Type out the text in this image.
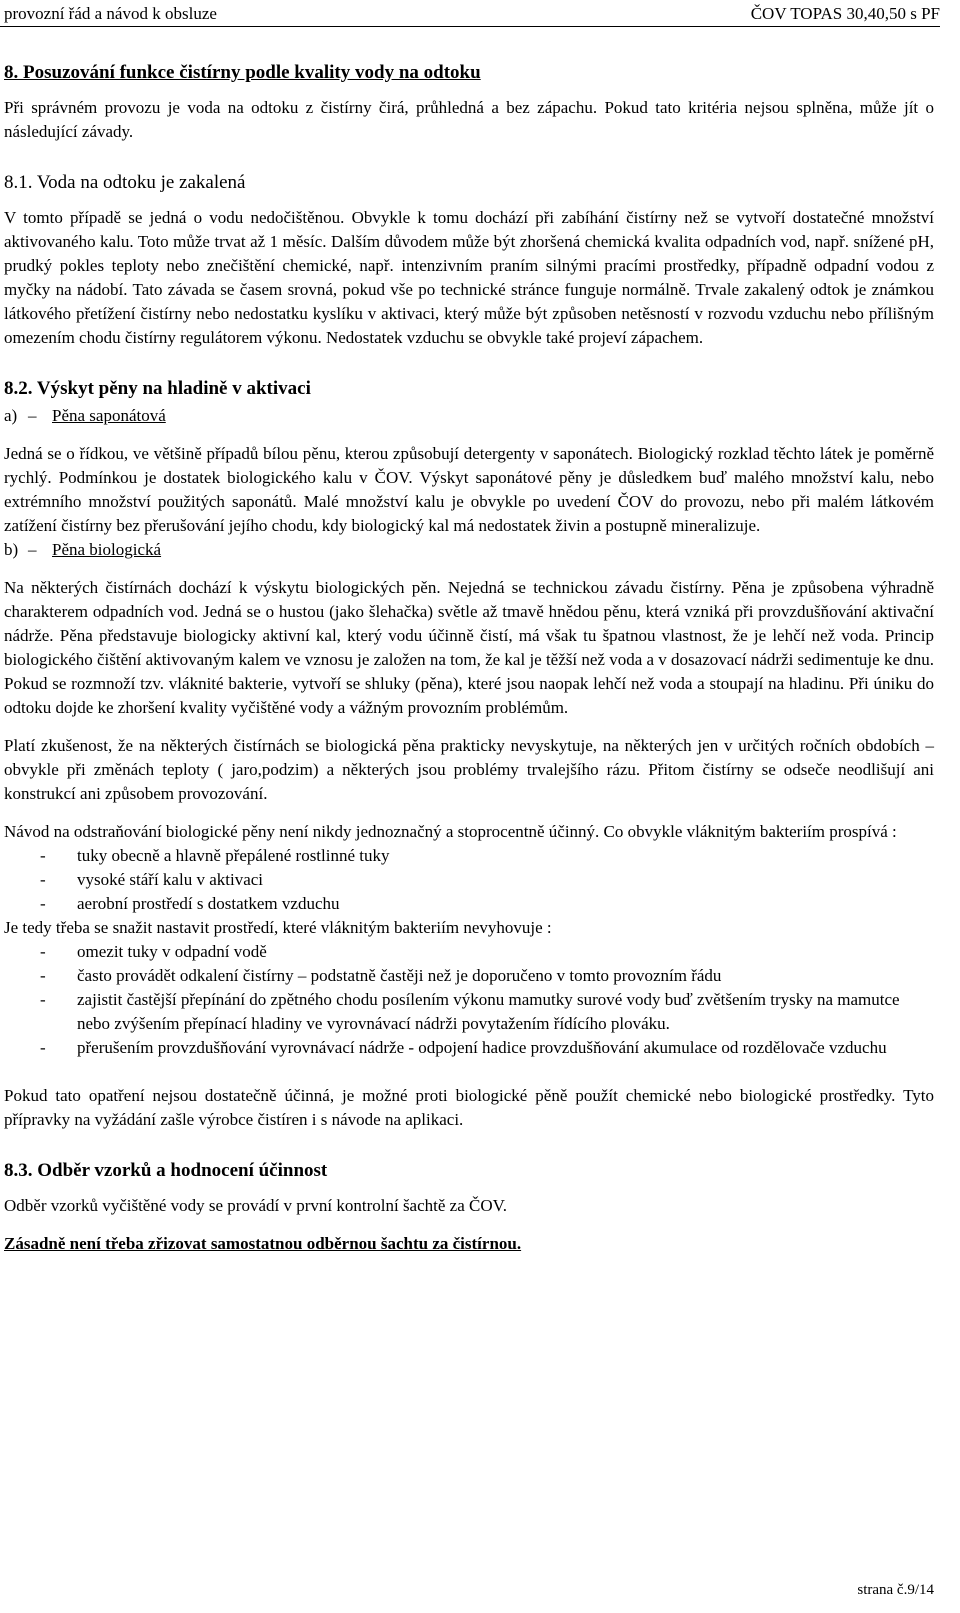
provozní řád a návod k obsluze	ČOV TOPAS 30,40,50 s PF
8. Posuzování funkce čistírny podle kvality vody na odtoku

Při správném provozu je voda na odtoku z čistírny čirá, průhledná a bez zápachu. Pokud tato kritéria nejsou splněna, může jít o následující závady.

8.1. Voda na odtoku je zakalená

V tomto případě se jedná o vodu nedočištěnou. Obvykle k tomu dochází při zabíhání čistírny než se vytvoří dostatečné množství aktivovaného kalu. Toto může trvat až 1 měsíc. Dalším důvodem může být zhoršená chemická kvalita odpadních vod, např. snížené pH, prudký pokles teploty nebo znečištění chemické, např. intenzivním praním silnými pracími prostředky, případně odpadní vodou z myčky na nádobí. Tato závada se časem srovná, pokud vše po technické stránce funguje normálně. Trvale zakalený odtok je známkou látkového přetížení čistírny nebo nedostatku kyslíku v aktivaci, který může být způsoben netěsností v rozvodu vzduchu nebo přílišným omezením chodu čistírny regulátorem výkonu. Nedostatek vzduchu se obvykle také projeví zápachem.

8.2. Výskyt pěny na hladině v aktivaci
a) – Pěna saponátová

Jedná se o řídkou, ve většině případů bílou pěnu, kterou způsobují detergenty v saponátech. Biologický rozklad těchto látek je poměrně rychlý. Podmínkou je dostatek biologického kalu v ČOV. Výskyt saponátové pěny je důsledkem buď malého množství kalu, nebo extrémního množství použitých saponátů. Malé množství kalu je obvykle po uvedení ČOV do provozu, nebo při malém látkovém zatížení čistírny bez přerušování jejího chodu, kdy biologický kal má nedostatek živin a postupně mineralizuje.

b) – Pěna biologická

Na některých čistírnách dochází k výskytu biologických pěn. Nejedná se technickou závadu čistírny. Pěna je způsobena výhradně charakterem odpadních vod. Jedná se o hustou (jako šlehačka) světle až tmavě hnědou pěnu, která vzniká při provzdušňování aktivační nádrže. Pěna představuje biologicky aktivní kal, který vodu účinně čistí, má však tu špatnou vlastnost, že je lehčí než voda. Princip biologického čištění aktivovaným kalem ve vznosu je založen na tom, že kal je těžší než voda a v dosazovací nádrži sedimentuje ke dnu. Pokud se rozmnoží tzv. vláknité bakterie, vytvoří se shluky (pěna), které jsou naopak lehčí než voda a stoupají na hladinu. Při úniku do odtoku dojde ke zhoršení kvality vyčištěné vody a vážným provozním problémům.

Platí zkušenost, že na některých čistírnách se biologická pěna prakticky nevyskytuje, na některých jen v určitých ročních obdobích – obvykle při změnách teploty ( jaro,podzim) a některých jsou problémy trvalejšího rázu. Přitom čistírny se odsečе neodlišují ani konstrukcí ani způsobem provozování.

Návod na odstraňování biologické pěny není nikdy jednoznačný a stoprocentně účinný. Co obvykle vláknitým bakteriím prospívá :

- tuky obecně a hlavně přepálené rostlinné tuky
- vysoké stáří kalu v aktivaci
- aerobní prostředí s dostatkem vzduchu

Je tedy třeba se snažit nastavit prostředí, které vláknitým bakteriím nevyhovuje :

- omezit tuky v odpadní vodě
- často provádět odkalení čistírny – podstatně častěji než je doporučeno v tomto provozním řádu
- zajistit častější přepínání do zpětného chodu posílením výkonu mamutky surové vody buď zvětšením trysky na mamutce nebo zvýšením přepínací hladiny ve vyrovnávací nádrži povytažením řídícího plováku.
- přerušením provzdušňování vyrovnávací nádrže - odpojení hadice provzdušňování akumulace od rozdělovače vzduchu

Pokud tato opatření nejsou dostatečně účinná, je možné proti biologické pěně použít chemické nebo biologické prostředky. Tyto přípravky na vyžádání zašle výrobce čistíren i s návode na aplikaci.

8.3. Odběr vzorků a hodnocení účinnost

Odběr vzorků vyčištěné vody se provádí v první kontrolní šachtě za ČOV.

Zásadně není třeba zřizovat samostatnou odběrnou šachtu za čistírnou.

strana č.9/14
